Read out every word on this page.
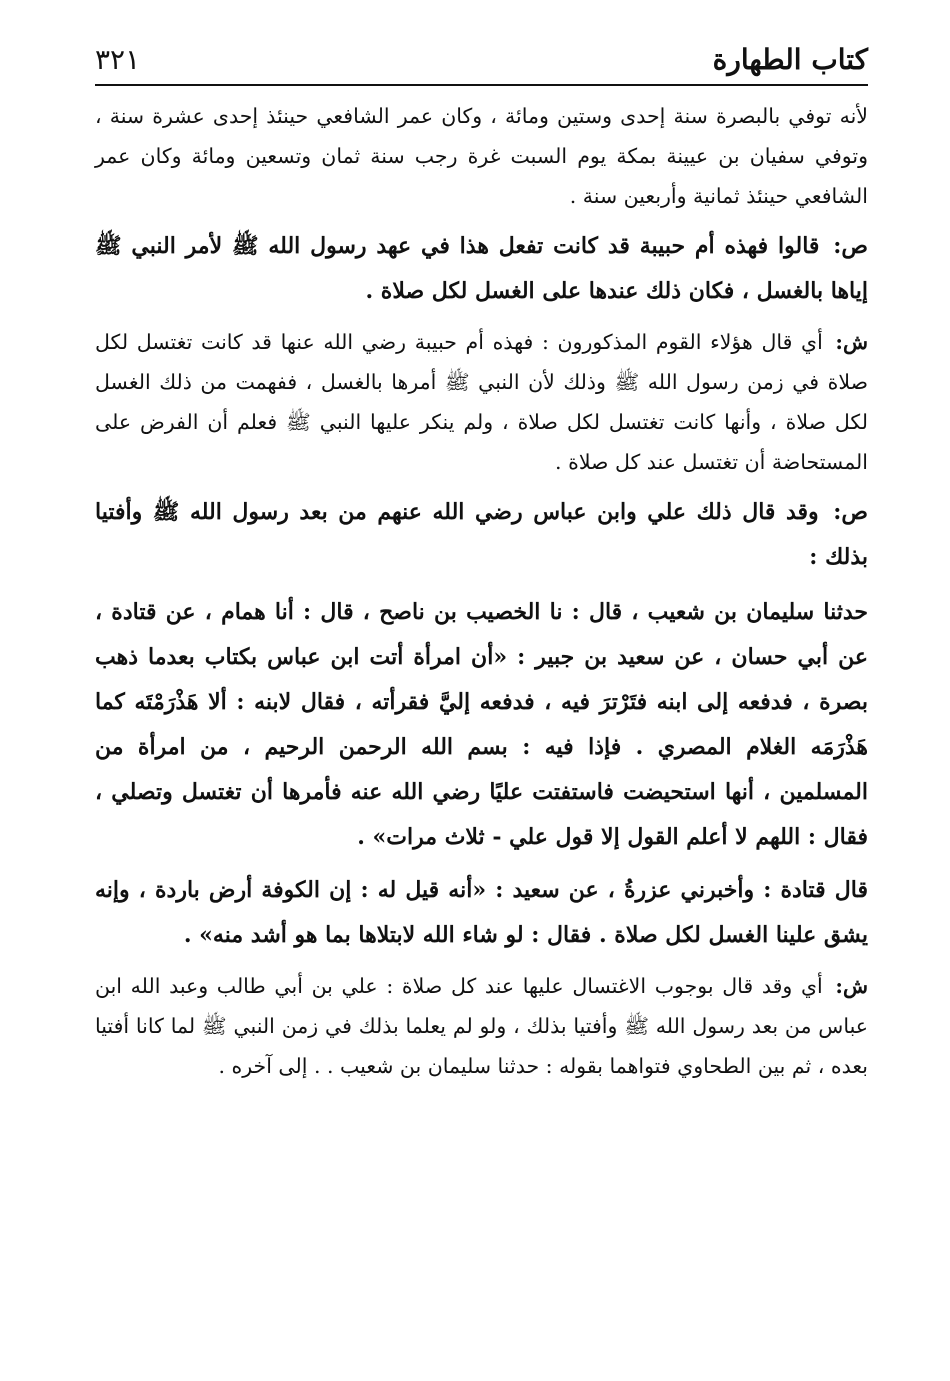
كتاب الطهارة
٣٢١

لأنه توفي بالبصرة سنة إحدى وستين ومائة ، وكان عمر الشافعي حينئذ إحدى عشرة سنة ، وتوفي سفيان بن عيينة بمكة يوم السبت غرة رجب سنة ثمان وتسعين ومائة وكان عمر الشافعي حينئذ ثمانية وأربعين سنة .

ص: قالوا فهذه أم حبيبة قد كانت تفعل هذا في عهد رسول الله ﷺ لأمر النبي ﷺ إياها بالغسل ، فكان ذلك عندها على الغسل لكل صلاة .

ش: أي قال هؤلاء القوم المذكورون : فهذه أم حبيبة رضي الله عنها قد كانت تغتسل لكل صلاة في زمن رسول الله ﷺ وذلك لأن النبي ﷺ أمرها بالغسل ، ففهمت من ذلك الغسل لكل صلاة ، وأنها كانت تغتسل لكل صلاة ، ولم ينكر عليها النبي ﷺ فعلم أن الفرض على المستحاضة أن تغتسل عند كل صلاة .

ص: وقد قال ذلك علي وابن عباس رضي الله عنهم من بعد رسول الله ﷺ وأفتيا بذلك :

حدثنا سليمان بن شعيب ، قال : نا الخصيب بن ناصح ، قال : أنا همام ، عن قتادة ، عن أبي حسان ، عن سعيد بن جبير : «أن امرأة أتت ابن عباس بكتاب بعدما ذهب بصرة ، فدفعه إلى ابنه فتَرْترَ فيه ، فدفعه إليَّ فقرأته ، فقال لابنه : ألا هَذْرَمْتَه كما هَذْرَمَه الغلام المصري . فإذا فيه : بسم الله الرحمن الرحيم ، من امرأة من المسلمين ، أنها استحيضت فاستفتت عليًا رضي الله عنه فأمرها أن تغتسل وتصلي ، فقال : اللهم لا أعلم القول إلا قول علي - ثلاث مرات» .

قال قتادة : وأخبرني عزرةُ ، عن سعيد : «أنه قيل له : إن الكوفة أرض باردة ، وإنه يشق علينا الغسل لكل صلاة . فقال : لو شاء الله لابتلاها بما هو أشد منه» .

ش: أي وقد قال بوجوب الاغتسال عليها عند كل صلاة : علي بن أبي طالب وعبد الله ابن عباس من بعد رسول الله ﷺ وأفتيا بذلك ، ولو لم يعلما بذلك في زمن النبي ﷺ لما كانا أفتيا بعده ، ثم بين الطحاوي فتواهما بقوله : حدثنا سليمان بن شعيب . . إلى آخره .
